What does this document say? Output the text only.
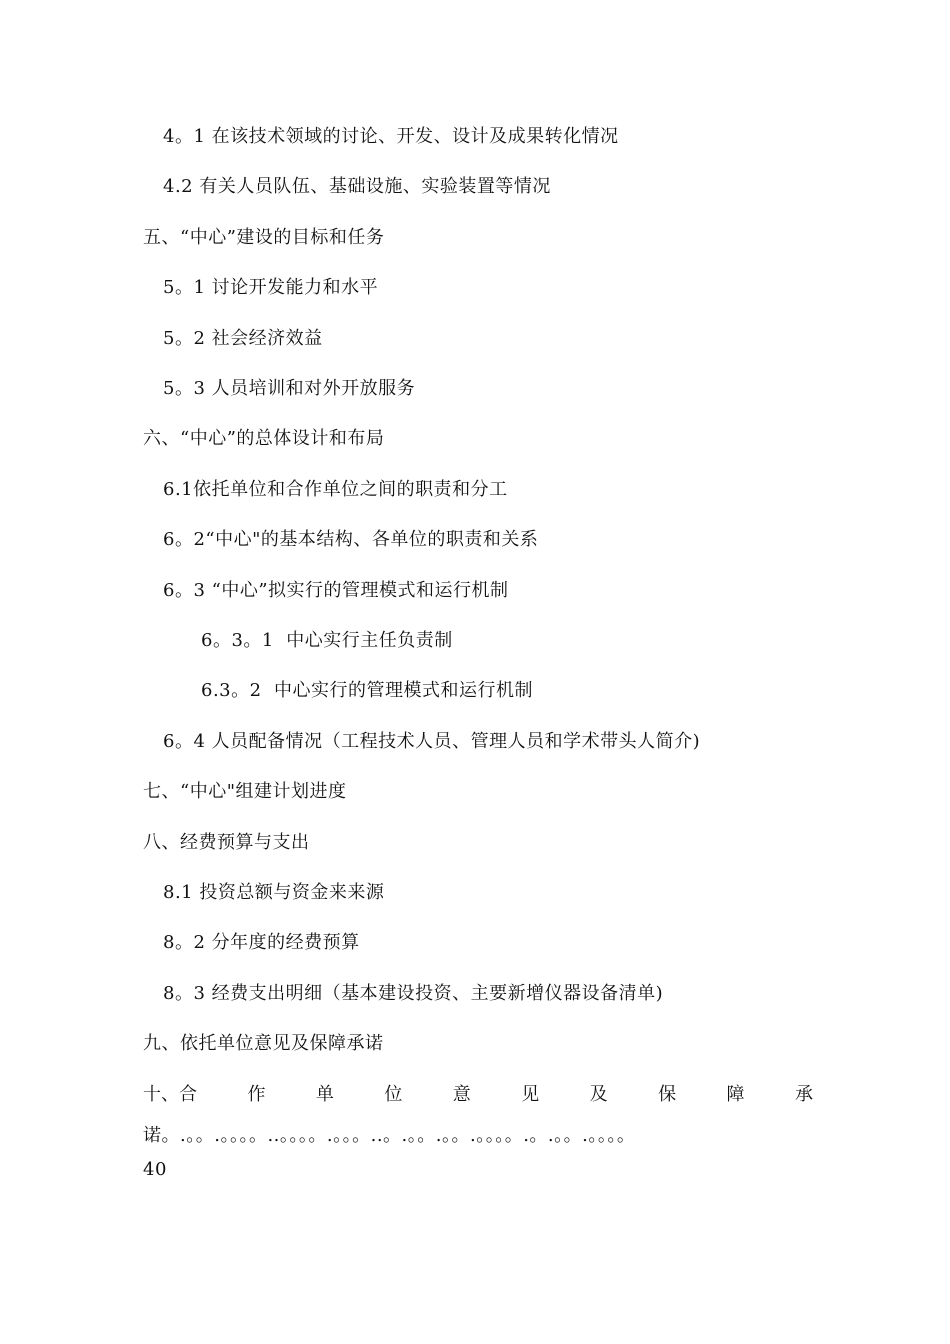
4。1 在该技术领域的讨论、开发、设计及成果转化情况
4.2 有关人员队伍、基础设施、实验装置等情况
五、“中心”建设的目标和任务
5。1 讨论开发能力和水平
5。2 社会经济效益
5。3 人员培训和对外开放服务
六、“中心”的总体设计和布局
6.1依托单位和合作单位之间的职责和分工
6。2“中心"的基本结构、各单位的职责和关系
6。3 “中心”拟实行的管理模式和运行机制
6。3。1  中心实行主任负责制
6.3。2  中心实行的管理模式和运行机制
6。4 人员配备情况（工程技术人员、管理人员和学术带头人简介)
七、“中心"组建计划进度
八、经费预算与支出
8.1 投资总额与资金来来源
8。2 分年度的经费预算
8。3 经费支出明细（基本建设投资、主要新增仪器设备清单)
九、依托单位意见及保障承诺
十、合	作	单	位	意	见	及	保	障	承
诺。.。。.。。。。..。。。。.。。。..。.。。.。。.。。。。.。.。。.。。。。
40
